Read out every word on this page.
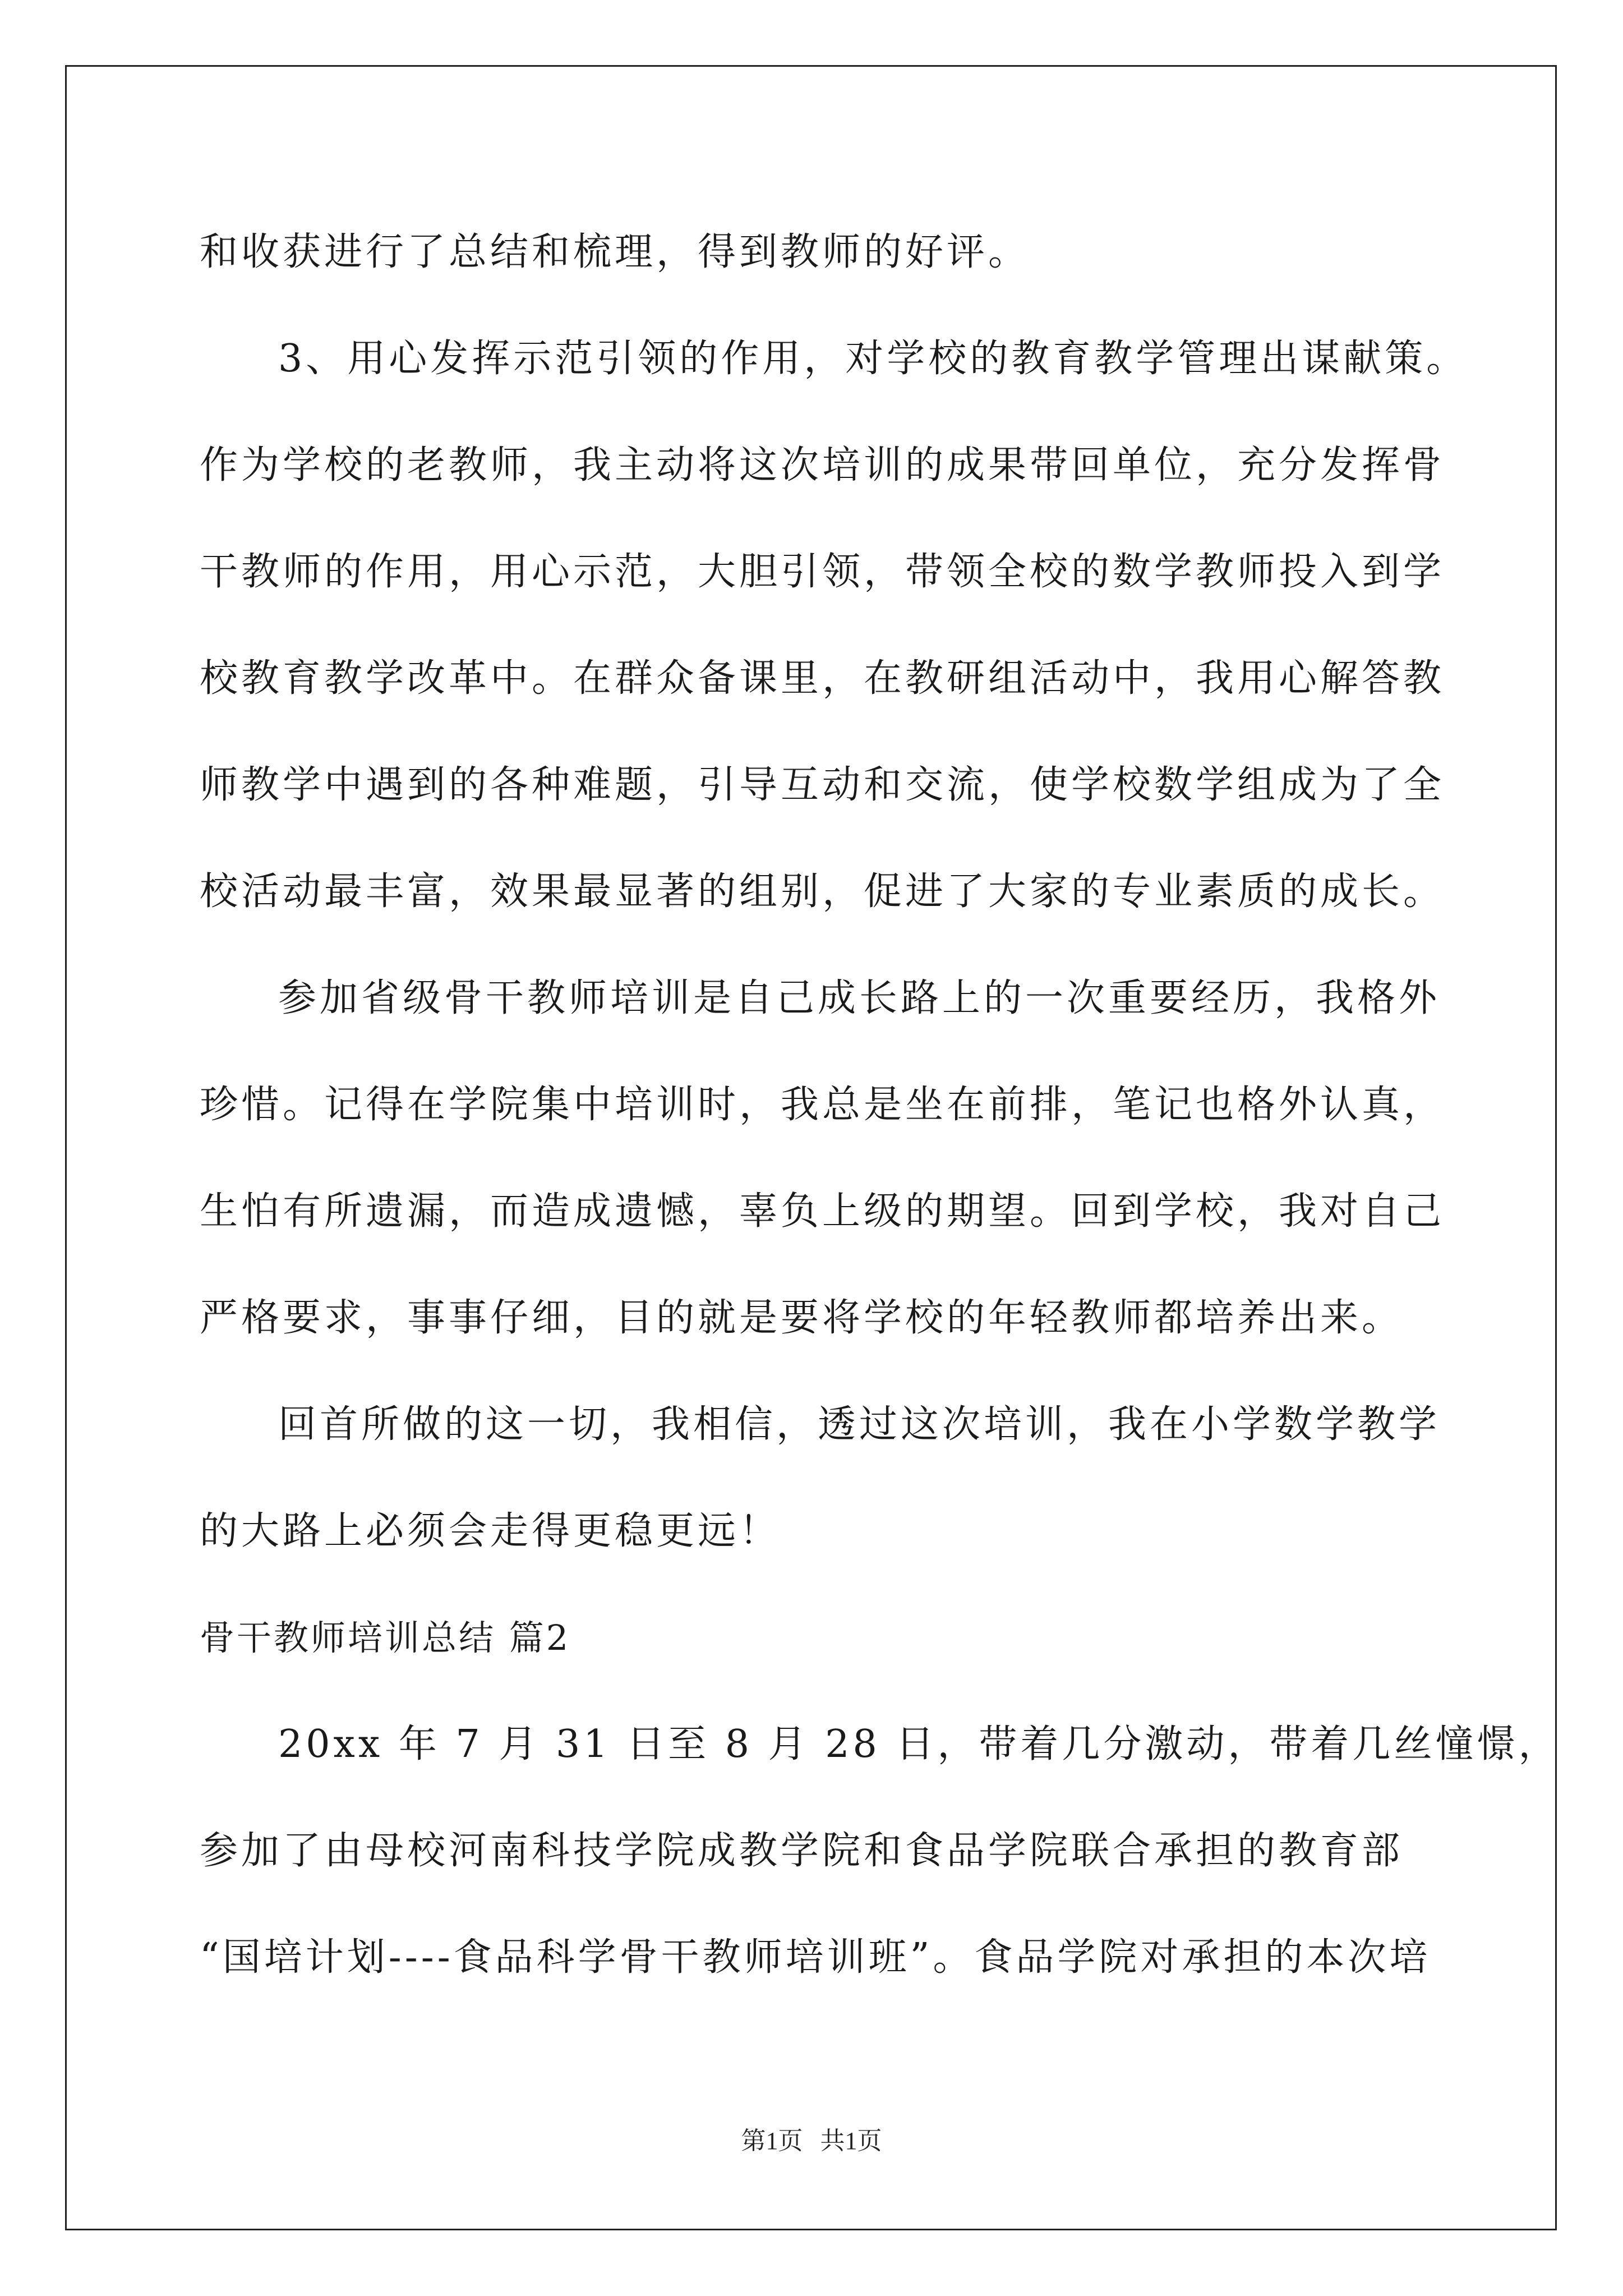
和收获进行了总结和梳理，得到教师的好评。
3、用心发挥示范引领的作用，对学校的教育教学管理出谋献策。
作为学校的老教师，我主动将这次培训的成果带回单位，充分发挥骨
干教师的作用，用心示范，大胆引领，带领全校的数学教师投入到学
校教育教学改革中。在群众备课里，在教研组活动中，我用心解答教
师教学中遇到的各种难题，引导互动和交流，使学校数学组成为了全
校活动最丰富，效果最显著的组别，促进了大家的专业素质的成长。
参加省级骨干教师培训是自己成长路上的一次重要经历，我格外
珍惜。记得在学院集中培训时，我总是坐在前排，笔记也格外认真，
生怕有所遗漏，而造成遗憾，辜负上级的期望。回到学校，我对自己
严格要求，事事仔细，目的就是要将学校的年轻教师都培养出来。
回首所做的这一切，我相信，透过这次培训，我在小学数学教学
的大路上必须会走得更稳更远！
骨干教师培训总结 篇2
20xx 年 7 月 31 日至 8 月 28 日，带着几分激动，带着几丝憧憬，
参加了由母校河南科技学院成教学院和食品学院联合承担的教育部
“国培计划----食品科学骨干教师培训班”。食品学院对承担的本次培
第1页 共1页
